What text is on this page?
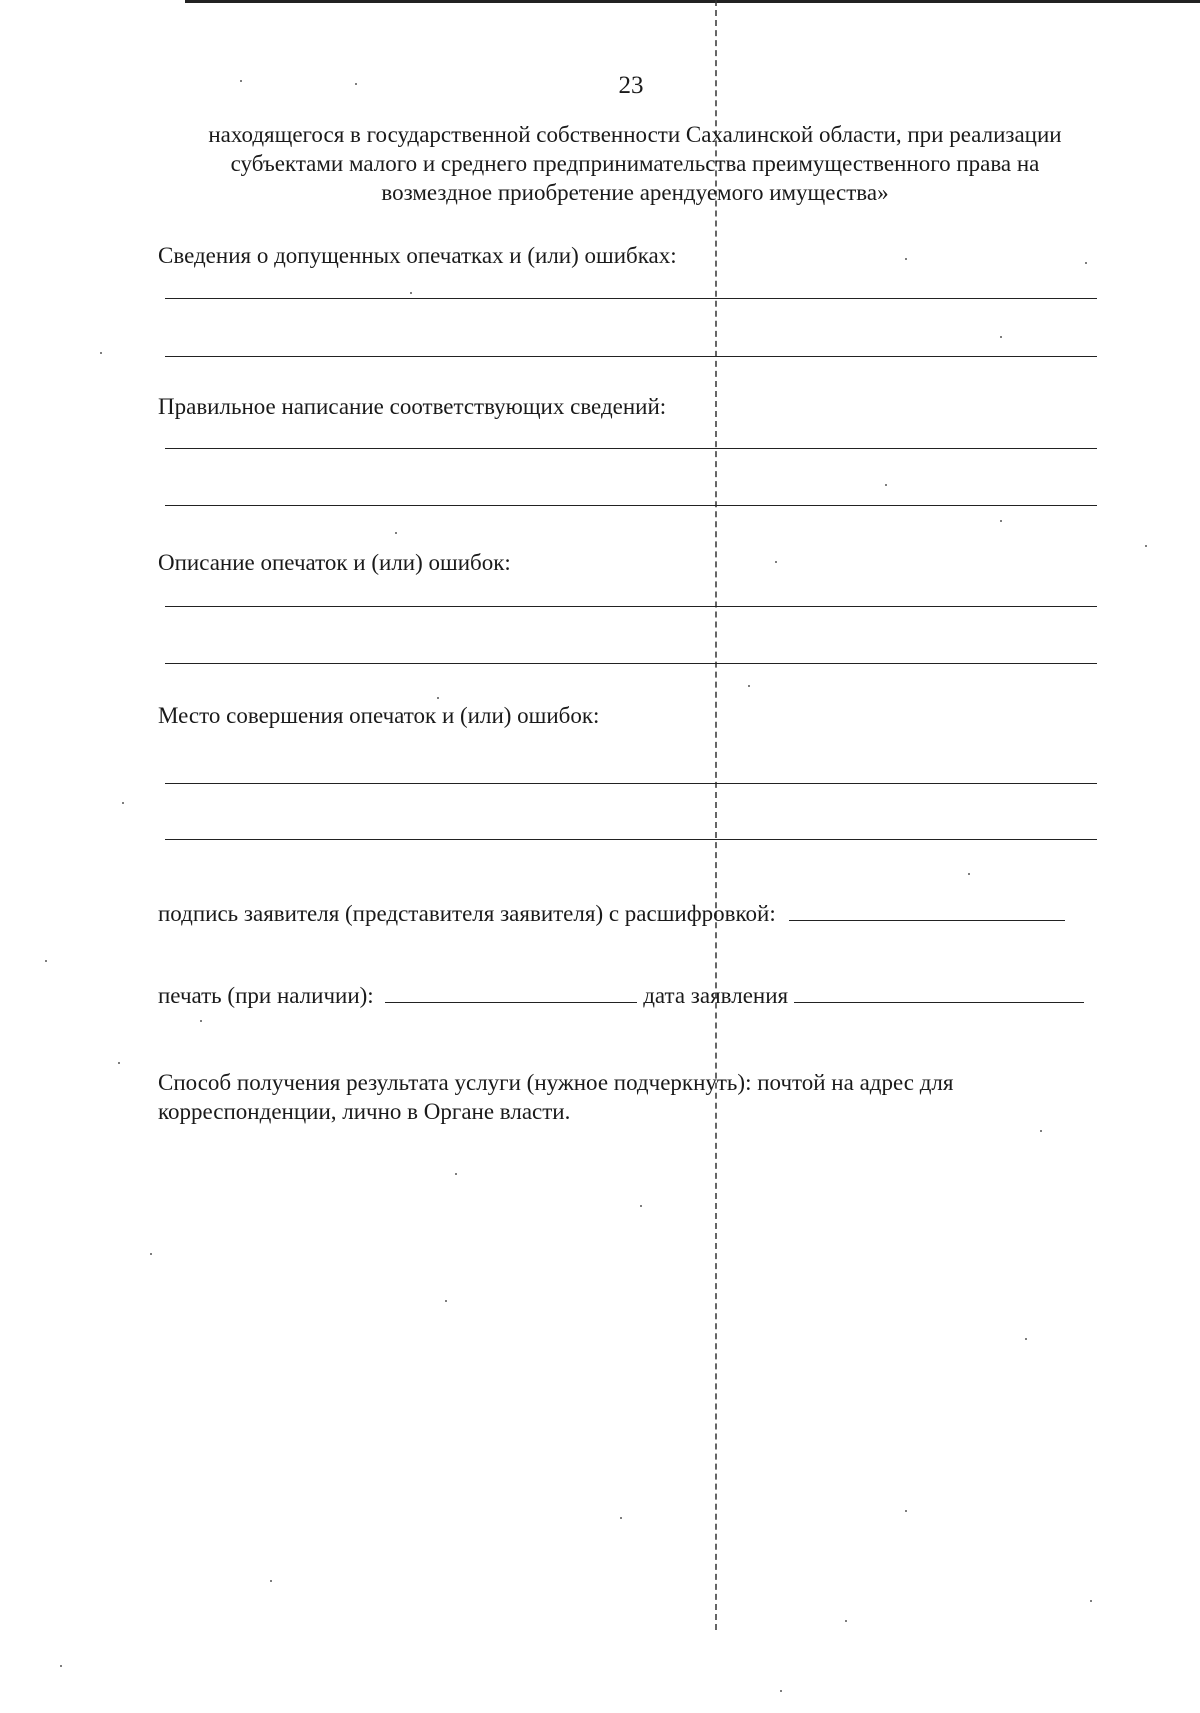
23
находящегося в государственной собственности Сахалинской области, при реализации
субъектами малого и среднего предпринимательства преимущественного права на
возмездное приобретение арендуемого имущества»
Сведения о допущенных опечатках и (или) ошибках:
Правильное написание соответствующих сведений:
Описание опечаток и (или) ошибок:
Место совершения опечаток и (или) ошибок:
подпись заявителя (представителя заявителя) с расшифровкой:
печать (при наличии):	дата заявления
Способ получения результата услуги (нужное подчеркнуть): почтой на адрес для корреспонденции, лично в Органе власти.
